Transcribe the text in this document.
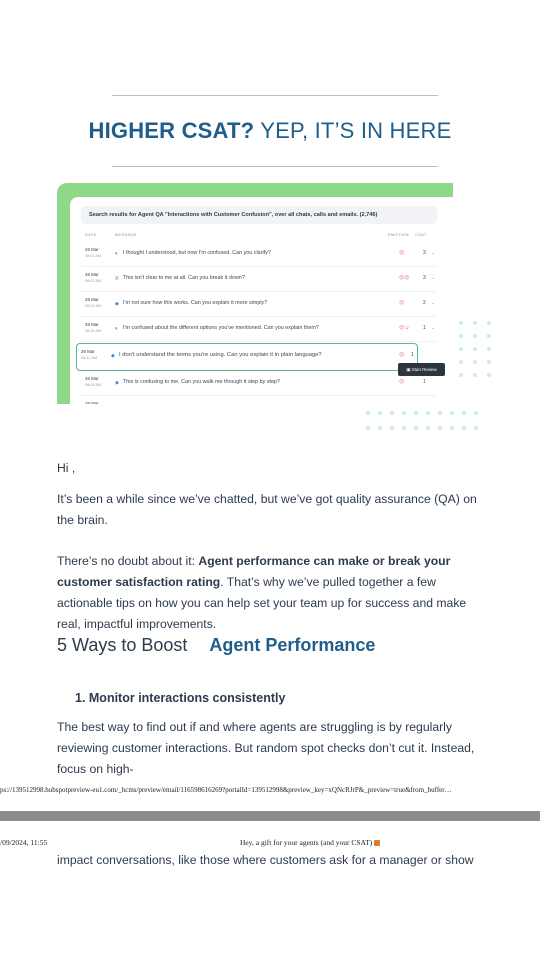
HIGHER CSAT? YEP, IT’S IN HERE
Search results for Agent QA "Interactions with Customer Confusion", over all chats, calls and emails. (2,746)
DATE	MESSAGE	EMOTION CSAT
26 Mar
08:02 AM	▾ I thought I understood, but now I'm confused. Can you clarify?	☹	3 ⌄
26 Mar
08:02 AM	✆ This isn't clear to me at all. Can you break it down?	☹☹	3 ⌄
26 Mar
08:02 AM	◆ I'm not sure how this works. Can you explain it more simply?	☹	2 ⌄
26 Mar
08:36 AM	▾ I'm confused about the different options you've mentioned. Can you explain them?	☹☺	1 ⌄
26 Mar
08:42 AM	◆ I don't understand the terms you're using. Can you explain it in plain language?	☹ 1
26 Mar
08:06 AM	◆ This is confusing to me. Can you walk me through it step by step?	☹	1
26 Mar
▣ Start Review
Hi ,
It’s been a while since we’ve chatted, but we’ve got quality assurance (QA) on the brain.
There’s no doubt about it: Agent performance can make or break your customer satisfaction rating. That’s why we’ve pulled together a few actionable tips on how you can help set your team up for success and make real, impactful improvements.
5 Ways to Boost Agent Performance
1. Monitor interactions consistently
The best way to find out if and where agents are struggling is by regularly reviewing customer interactions. But random spot checks don’t cut it. Instead, focus on high-
ps://139512998.hubspotpreview-eu1.com/_hcms/preview/email/116598616269?portalId=139512998&preview_key=xQNcRJrP&_preview=true&from_buffer…
/09/2024, 11:55	Hey, a gift for your agents (and your CSAT)
impact conversations, like those where customers ask for a manager or show
